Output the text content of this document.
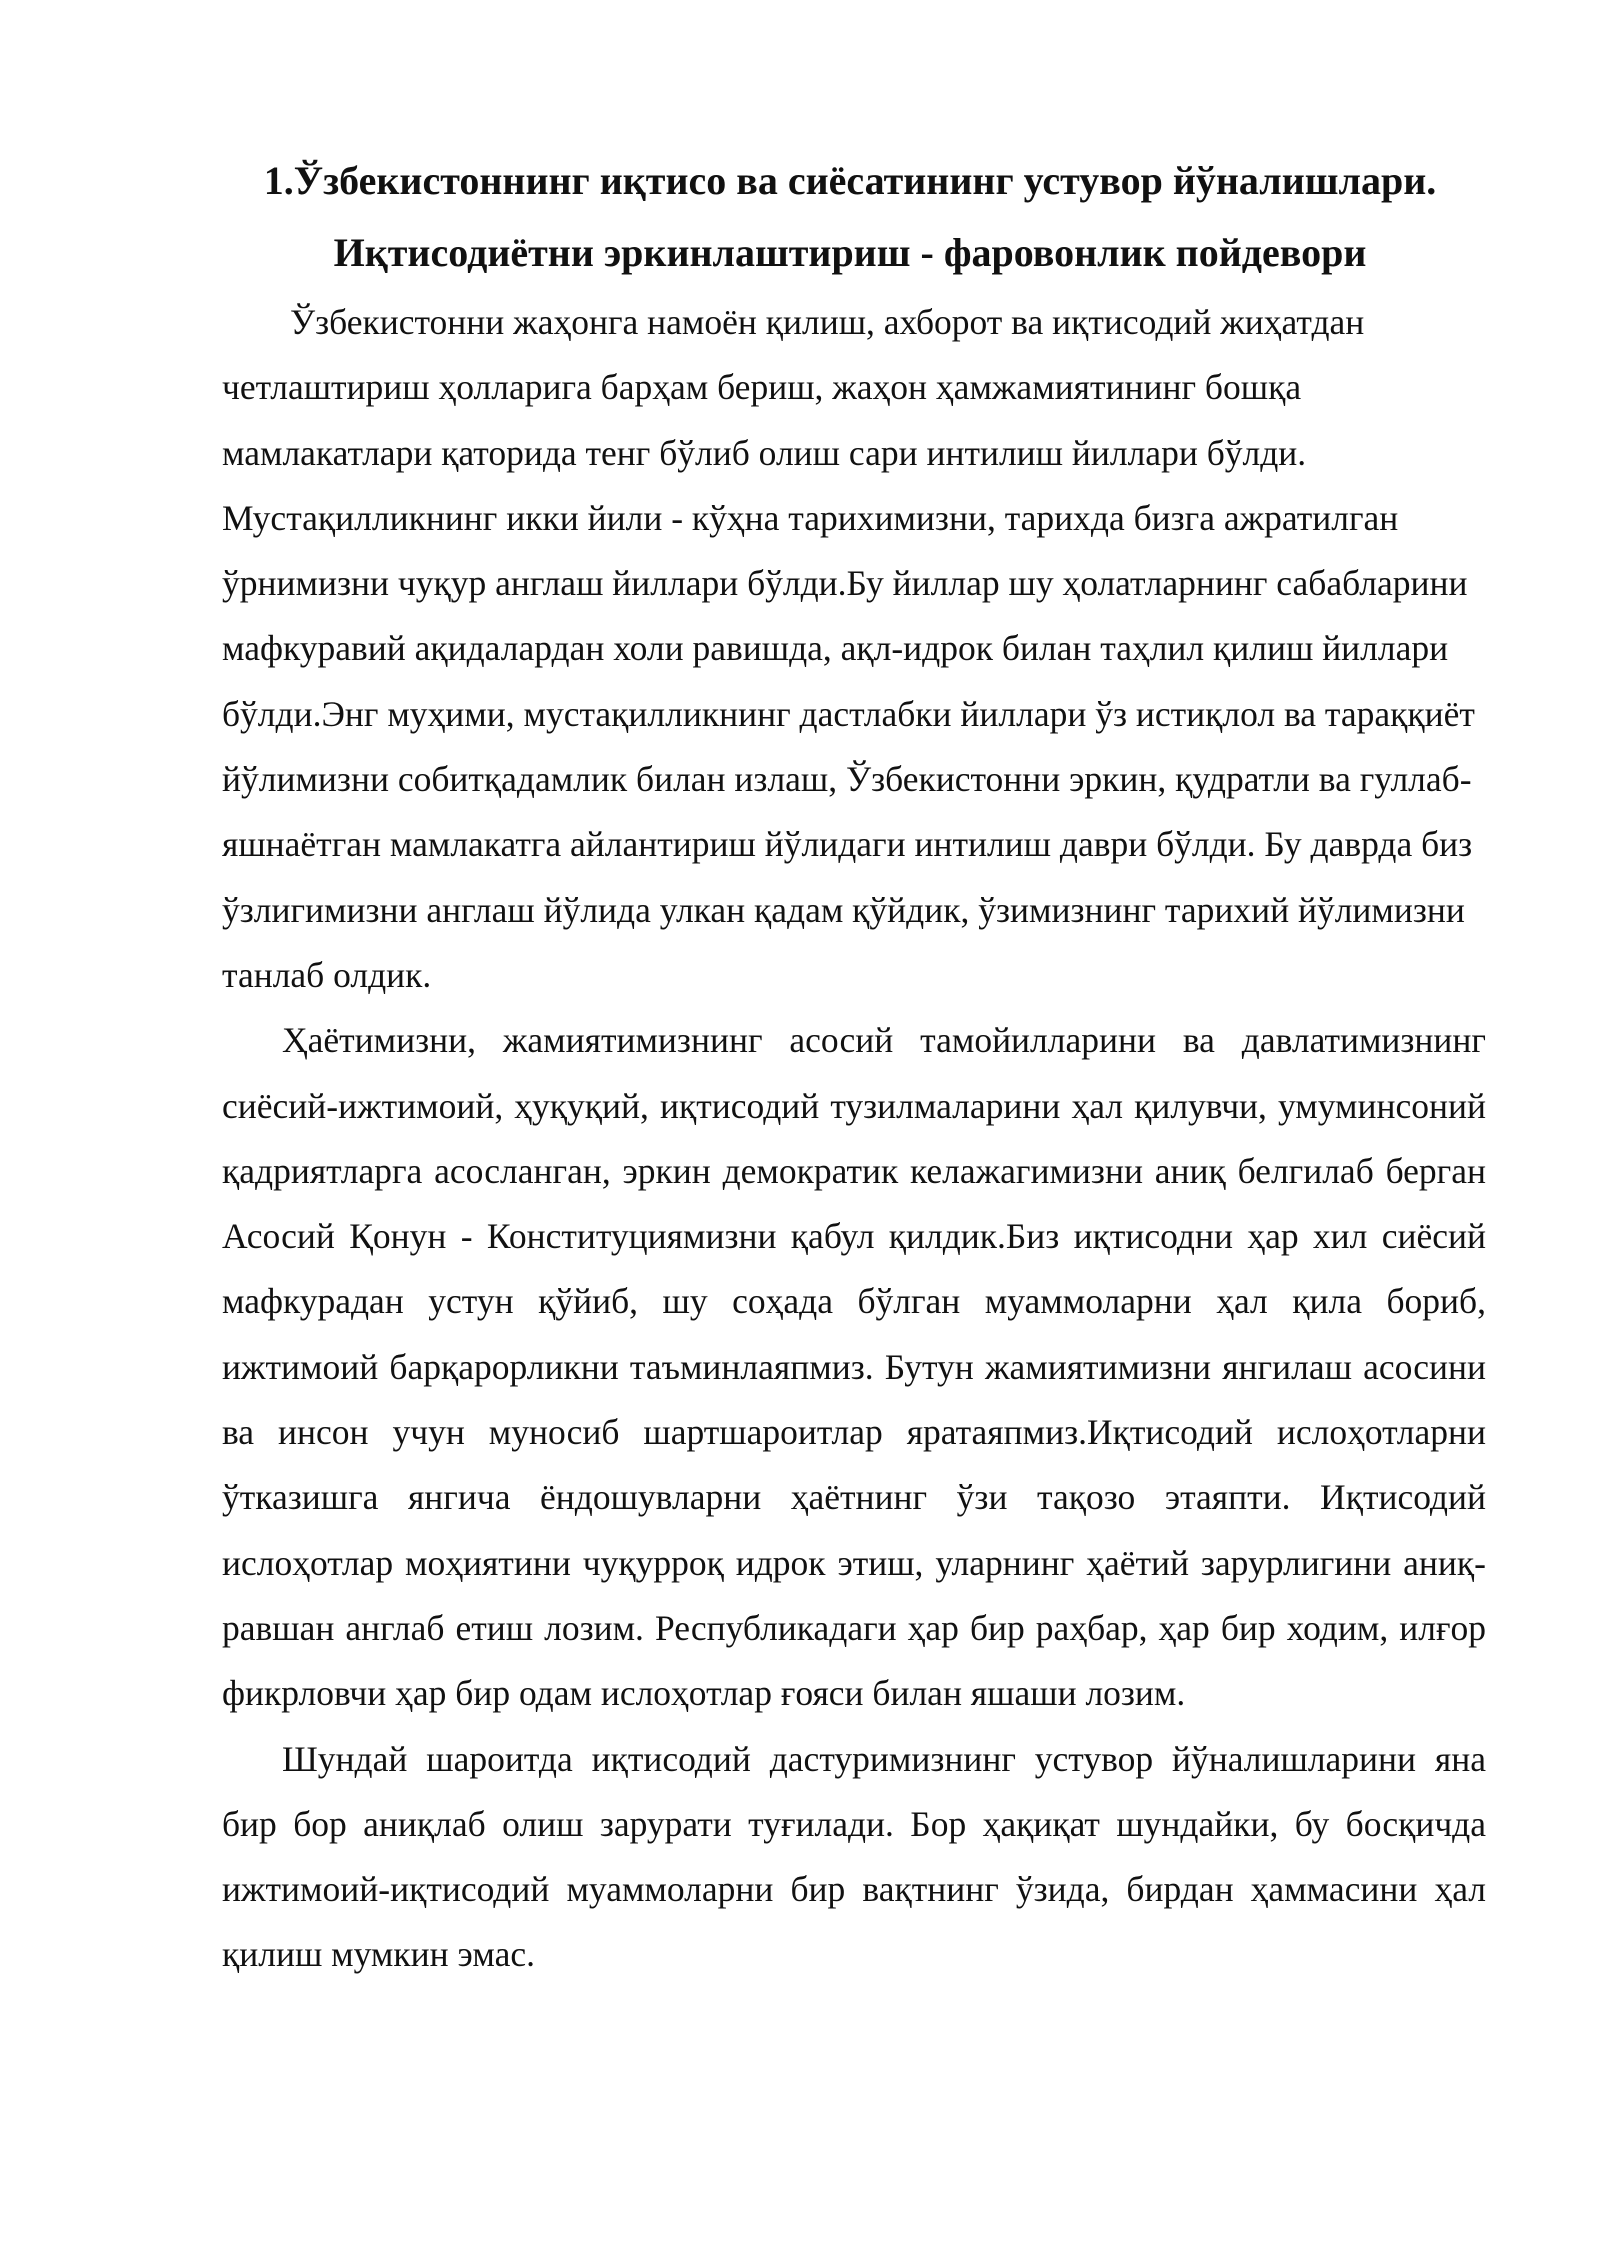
1.Ўзбекистоннинг иқтисо ва сиёсатининг устувор йўналишлари.
Иқтисодиётни эркинлаштириш - фаровонлик пойдевори

Ўзбекистонни жаҳонга намоён қилиш, ахборот ва иқтисодий жиҳатдан четлаштириш ҳолларига барҳам бериш, жаҳон ҳамжамиятининг бошқа мамлакатлари қаторида тенг бўлиб олиш сари интилиш йиллари бўлди. Мустақилликнинг икки йили - кўҳна тарихимизни, тарихда бизга ажратилган ўрнимизни чуқур англаш йиллари бўлди.Бу йиллар шу ҳолатларнинг сабабларини мафкуравий ақидалардан холи равишда, ақл-идрок билан таҳлил қилиш йиллари бўлди.Энг муҳими, мустақилликнинг дастлабки йиллари ўз истиқлол ва тараққиёт йўлимизни собитқадамлик билан излаш, Ўзбекистонни эркин, қудратли ва гуллаб-яшнаётган мамлакатга айлантириш йўлидаги интилиш даври бўлди. Бу даврда биз ўзлигимизни англаш йўлида улкан қадам қўйдик, ўзимизнинг тарихий йўлимизни танлаб олдик.

Ҳаётимизни, жамиятимизнинг асосий тамойилларини ва давлатимизнинг сиёсий-ижтимоий, ҳуқуқий, иқтисодий тузилмаларини ҳал қилувчи, умуминсоний қадриятларга асосланган, эркин демократик келажагимизни аниқ белгилаб берган Асосий Қонун - Конституциямизни қабул қилдик.Биз иқтисодни ҳар хил сиёсий мафкурадан устун қўйиб, шу соҳада бўлган муаммоларни ҳал қила бориб, ижтимоий барқарорликни таъминлаяпмиз. Бутун жамиятимизни янгилаш асосини ва инсон учун муносиб шартшароитлар яратаяпмиз.Иқтисодий ислоҳотларни ўтказишга янгича ёндошувларни ҳаётнинг ўзи тақозо этаяпти. Иқтисодий ислоҳотлар моҳиятини чуқурроқ идрок этиш, уларнинг ҳаётий зарурлигини аниқ-равшан англаб етиш лозим. Республикадаги ҳар бир раҳбар, ҳар бир ходим, илғор фикрловчи ҳар бир одам ислоҳотлар ғояси билан яшаши лозим.

Шундай шароитда иқтисодий дастуримизнинг устувор йўналишларини яна бир бор аниқлаб олиш зарурати туғилади. Бор ҳақиқат шундайки, бу босқичда ижтимоий-иқтисодий муаммоларни бир вақтнинг ўзида, бирдан ҳаммасини ҳал қилиш мумкин эмас.
